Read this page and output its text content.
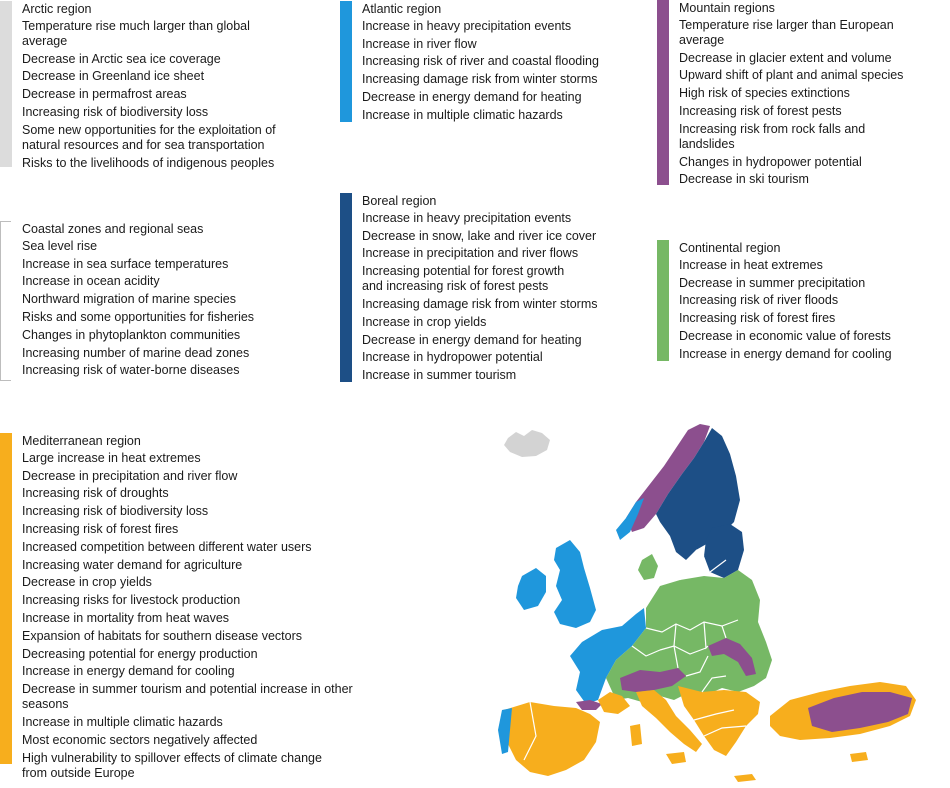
Arctic region
Temperature rise much larger than global average
Decrease in Arctic sea ice coverage
Decrease in Greenland ice sheet
Decrease in permafrost areas
Increasing risk of biodiversity loss
Some new opportunities for the exploitation of natural resources and for sea transportation
Risks to the livelihoods of indigenous peoples
Atlantic region
Increase in heavy precipitation events
Increase in river flow
Increasing risk of river and coastal flooding
Increasing damage risk from winter storms
Decrease in energy demand for heating
Increase in multiple climatic hazards
Mountain regions
Temperature rise larger than European average
Decrease in glacier extent and volume
Upward shift of plant and animal species
High risk of species extinctions
Increasing risk of forest pests
Increasing risk from rock falls and landslides
Changes in hydropower potential
Decrease in ski tourism
Coastal zones and regional seas
Sea level rise
Increase in sea surface temperatures
Increase in ocean acidity
Northward migration of marine species
Risks and some opportunities for fisheries
Changes in phytoplankton communities
Increasing number of marine dead zones
Increasing risk of water-borne diseases
Boreal region
Increase in heavy precipitation events
Decrease in snow, lake and river ice cover
Increase in precipitation and river flows
Increasing potential for forest growth and increasing risk of forest pests
Increasing damage risk from winter storms
Increase in crop yields
Decrease in energy demand for heating
Increase in hydropower potential
Increase in summer tourism
Continental region
Increase in heat extremes
Decrease in summer precipitation
Increasing risk of river floods
Increasing risk of forest fires
Decrease in economic value of forests
Increase in energy demand for cooling
Mediterranean region
Large increase in heat extremes
Decrease in precipitation and river flow
Increasing risk of droughts
Increasing risk of biodiversity loss
Increasing risk of forest fires
Increased competition between different water users
Increasing water demand for agriculture
Decrease in crop yields
Increasing risks for livestock production
Increase in mortality from heat waves
Expansion of habitats for southern disease vectors
Decreasing potential for energy production
Increase in energy demand for cooling
Decrease in summer tourism and potential increase in other seasons
Increase in multiple climatic hazards
Most economic sectors negatively affected
High vulnerability to spillover effects of climate change from outside Europe
